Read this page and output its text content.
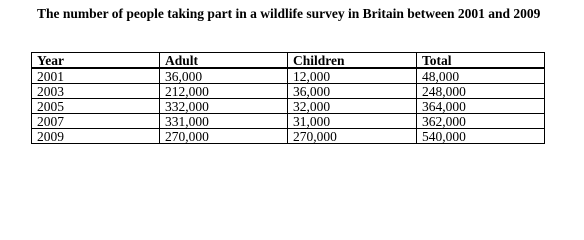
The number of people taking part in a wildlife survey in Britain between 2001 and 2009
Year	Adult	Children	Total
2001	36,000	12,000	48,000
2003	212,000	36,000	248,000
2005	332,000	32,000	364,000
2007	331,000	31,000	362,000
2009	270,000	270,000	540,000
